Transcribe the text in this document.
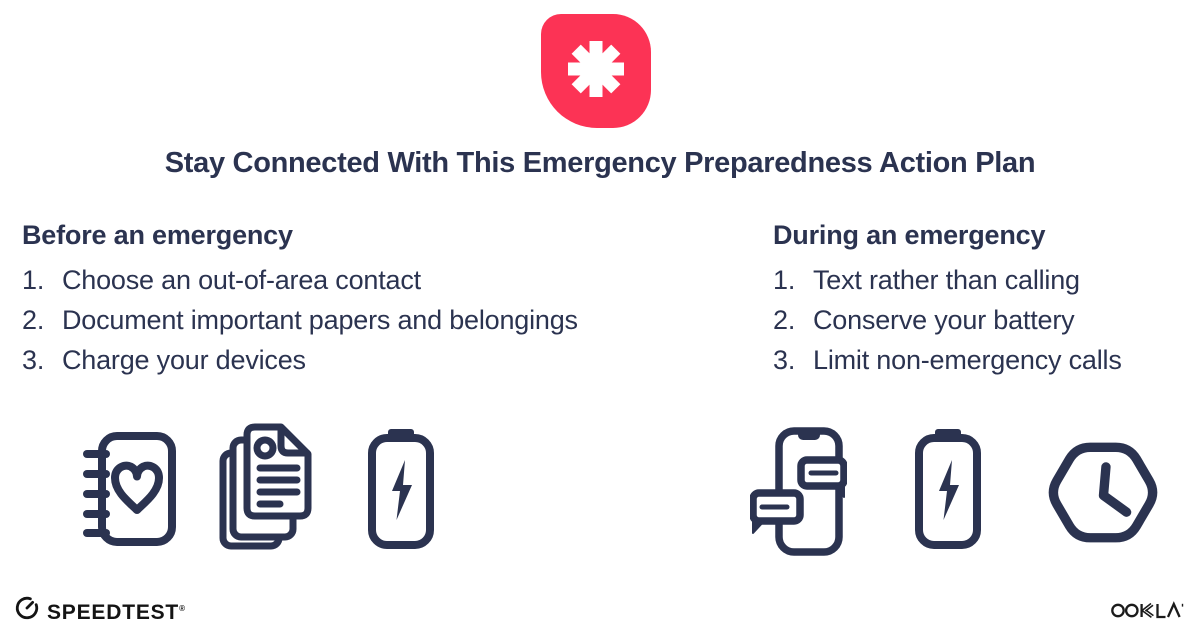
Stay Connected With This Emergency Preparedness Action Plan
Before an emergency
Choose an out-of-area contact
Document important papers and belongings
Charge your devices
During an emergency
Text rather than calling
Conserve your battery
Limit non-emergency calls
SPEEDTEST®
